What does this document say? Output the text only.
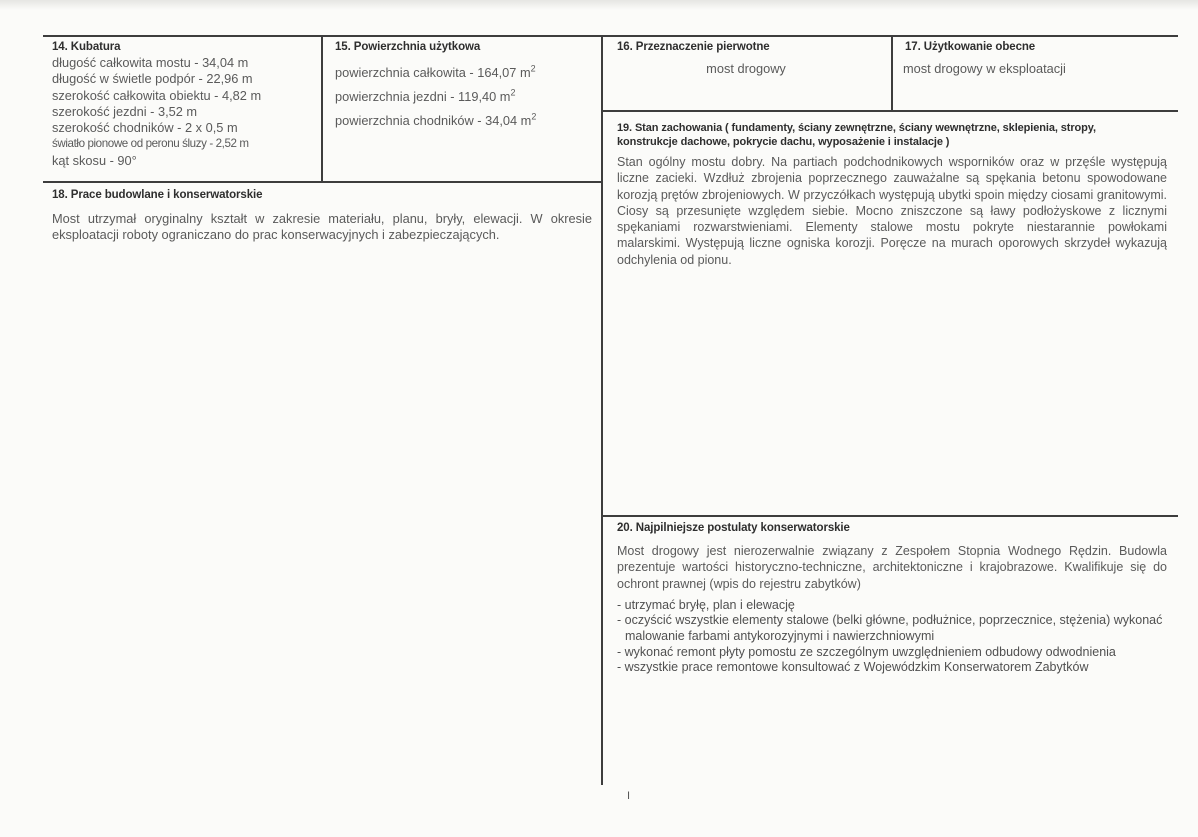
14. Kubatura

długość całkowita mostu - 34,04 m

długość w świetle podpór - 22,96 m

szerokość całkowita obiektu - 4,82 m

szerokość jezdni - 3,52 m

szerokość chodników - 2 x 0,5 m

światło pionowe od peronu śluzy - 2,52 m

kąt skosu - 90°

15. Powierzchnia użytkowa

powierzchnia całkowita - 164,07 $m^2$

powierzchnia jezdni - 119,40 $m^2$

powierzchnia chodników - 34,04 $m^2$

16. Przeznaczenie pierwotne
most drogowy
17. Użytkowanie obecne
most drogowy w eksploatacji
18. Prace budowlane i konserwatorskie
Most utrzymał oryginalny kształt w zakresie materiału, planu, bryły, elewacji. W okresie eksploatacji roboty ograniczano do prac konserwacyjnych i zabezpieczających.
19. Stan zachowania ( fundamenty, ściany zewnętrzne, ściany wewnętrzne, sklepienia, stropy,
konstrukcje dachowe, pokrycie dachu, wyposażenie i instalacje )
Stan ogólny mostu dobry. Na partiach podchodnikowych wsporników oraz w przęśle występują liczne zacieki. Wzdłuż zbrojenia poprzecznego zauważalne są spękania betonu spowodowane korozją prętów zbrojeniowych. W przyczółkach występują ubytki spoin między ciosami granitowymi. Ciosy są przesunięte względem siebie. Mocno zniszczone są ławy podłożyskowe z licznymi spękaniami rozwarstwieniami. Elementy stalowe mostu pokryte niestarannie powłokami malarskimi. Występują liczne ogniska korozji. Poręcze na murach oporowych skrzydeł wykazują odchylenia od pionu.
20. Najpilniejsze postulaty konserwatorskie
Most drogowy jest nierozerwalnie związany z Zespołem Stopnia Wodnego Rędzin. Budowla prezentuje wartości historyczno-techniczne, architektoniczne i krajobrazowe. Kwalifikuje się do ochront prawnej (wpis do rejestru zabytków)
- utrzymać bryłę, plan i elewację
- oczyścić wszystkie elementy stalowe (belki główne, podłużnice, poprzecznice, stężenia) wykonać malowanie farbami antykorozyjnymi i nawierzchniowymi
- wykonać remont płyty pomostu ze szczególnym uwzględnieniem odbudowy odwodnienia
- wszystkie prace remontowe konsultować z Wojewódzkim Konserwatorem Zabytków
I
